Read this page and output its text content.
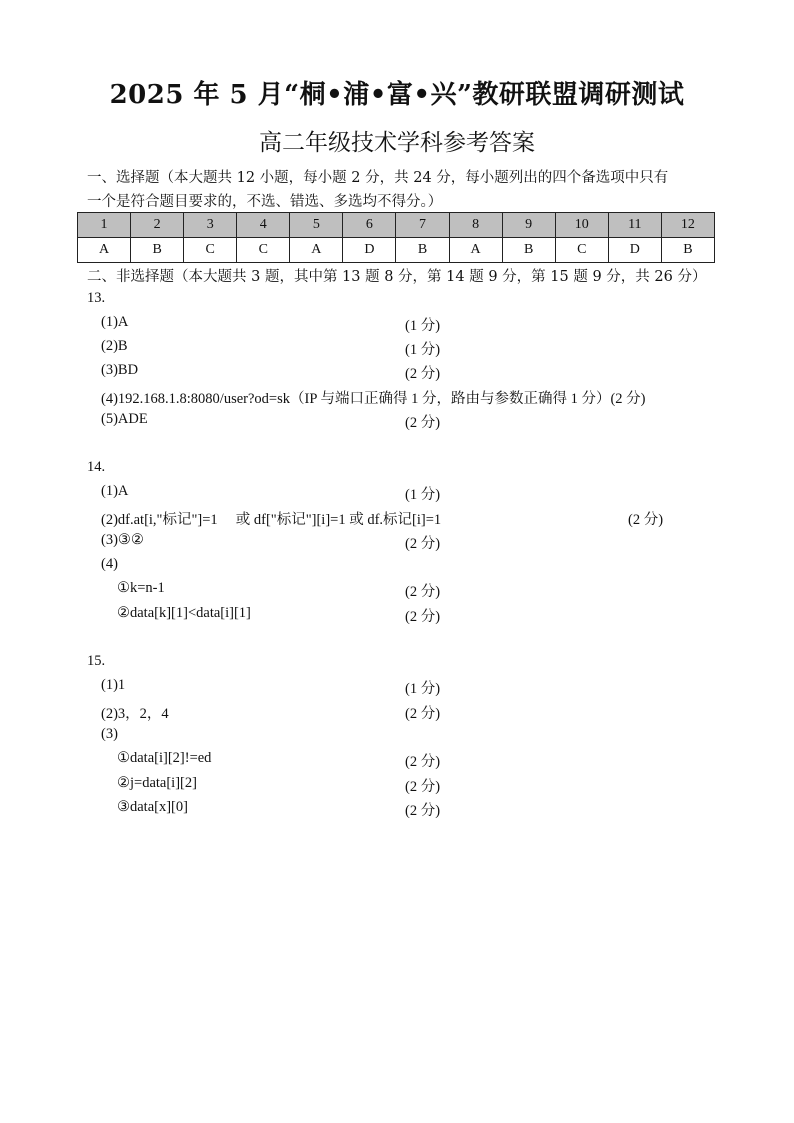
2025 年 5 月“桐•浦•富•兴”教研联盟调研测试
高二年级技术学科参考答案
一、选择题（本大题共 12 小题，每小题 2 分，共 24 分，每小题列出的四个备选项中只有
一个是符合题目要求的，不选、错选、多选均不得分。）
1	2	3	4	5	6	7	8	9	10	11	12
A	B	C	C	A	D	B	A	B	C	D	B
二、非选择题（本大题共 3 题，其中第 13 题 8 分，第 14 题 9 分，第 15 题 9 分，共 26 分）
13.
(1)A	(1 分)
(2)B	(1 分)
(3)BD	(2 分)
(4)192.168.1.8:8080/user?od=sk（IP 与端口正确得 1 分，路由与参数正确得 1 分）(2 分)
(5)ADE	(2 分)
14.
(1)A	(1 分)
(2)df.at[i,"标记"]=1　 或 df["标记"][i]=1 或 df.标记[i]=1	(2 分)
(3)③②	(2 分)
(4)
①k=n-1	(2 分)
②data[k][1]<data[i][1]	(2 分)
15.
(1)1	(1 分)
(2)3，2，4	(2 分)
(3)
①data[i][2]!=ed	(2 分)
②j=data[i][2]	(2 分)
③data[x][0]	(2 分)
